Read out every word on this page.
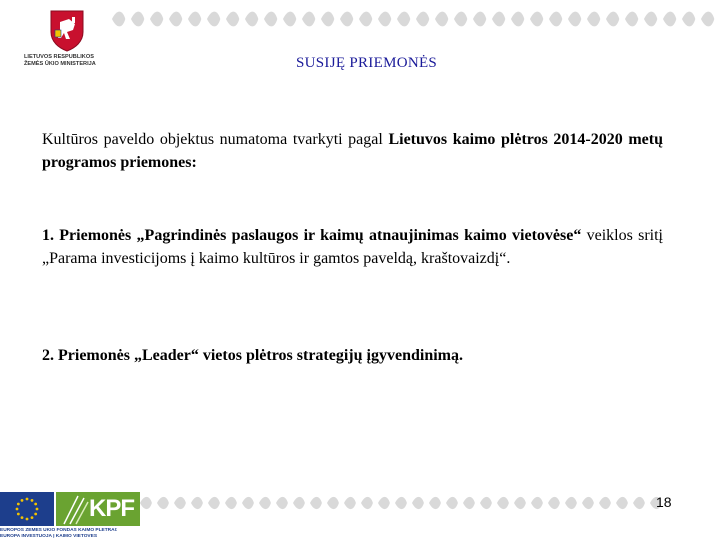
LIETUVOS RESPUBLIKOS
ŽEMĖS ŪKIO MINISTERIJA	SUSIJĘ PRIEMONĖS
Kultūros paveldo objektus numatoma tvarkyti pagal Lietuvos kaimo plėtros 2014-2020 metų programos priemones:
1. Priemonės „Pagrindinės paslaugos ir kaimų atnaujinimas kaimo vietovėse“ veiklos sritį „Parama investicijoms į kaimo kultūros ir gamtos paveldą, kraštovaizdį“.
2. Priemonės „Leader“ vietos plėtros strategijų įgyvendinimą.
18
KPF
EUROPOS ŽEMĖS ŪKIO FONDAS KAIMO PLĖTRAI:
EUROPA INVESTUOJA Į KAIMO VIETOVES
